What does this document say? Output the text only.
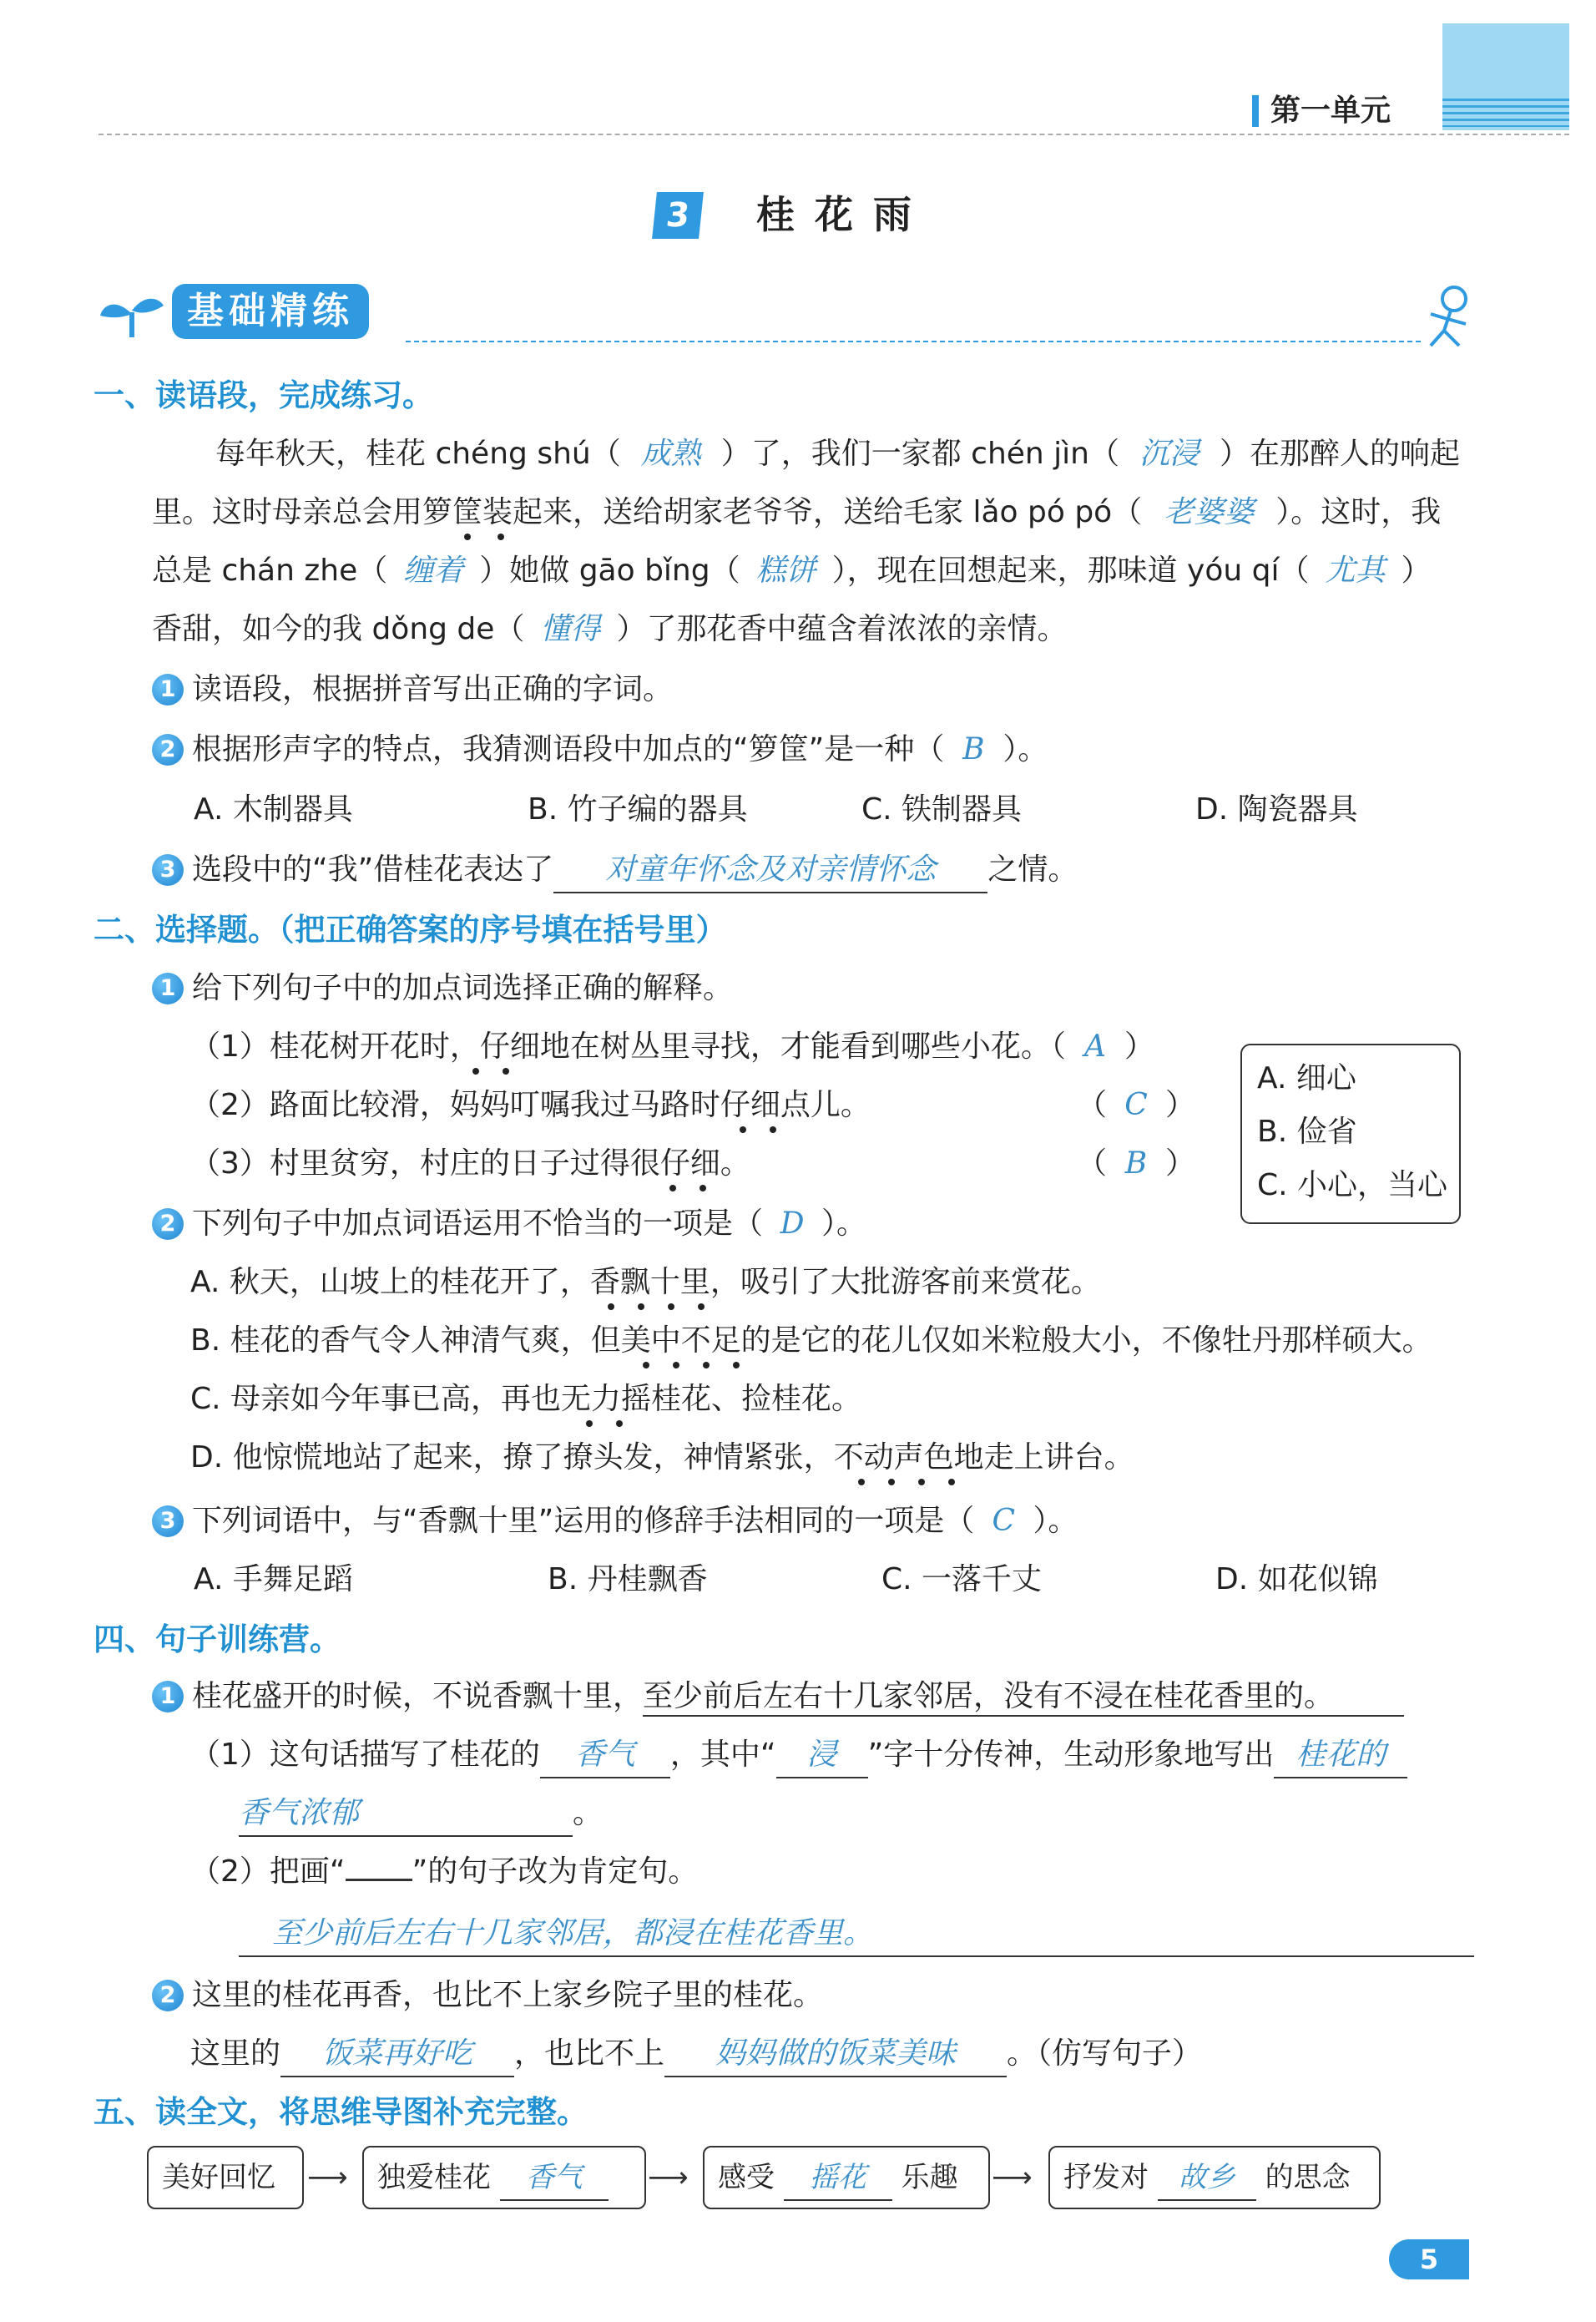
第一单元
3	桂 花 雨
基础精练
一、读语段，完成练习。
每年秋天，桂花 chéng shú（ 成熟 ）了，我们一家都 chén jìn（ 沉浸 ）在那醉人的响起
里。这时母亲总会用箩筐装起来，送给胡家老爷爷，送给毛家 lǎo pó pó（ 老婆婆 ）。这时，我
总是 chán zhe（ 缠着 ）她做 gāo bǐng（ 糕饼 ），现在回想起来，那味道 yóu qí（ 尤其 ）
香甜，如今的我 dǒng de（ 懂得 ）了那花香中蕴含着浓浓的亲情。
1 读语段，根据拼音写出正确的字词。
2 根据形声字的特点，我猜测语段中加点的“箩筐”是一种（ B ）。
A. 木制器具	B. 竹子编的器具	C. 铁制器具	D. 陶瓷器具
3 选段中的“我”借桂花表达了 对童年怀念及对亲情怀念 之情。
二、选择题。（把正确答案的序号填在括号里）
1 给下列句子中的加点词选择正确的解释。
（1）桂花树开花时，仔细地在树丛里寻找，才能看到哪些小花。（ A ）
（2）路面比较滑，妈妈叮嘱我过马路时仔细点儿。	（ C ）
（3）村里贫穷，村庄的日子过得很仔细。	（ B ）
A. 细心
B. 俭省
C. 小心，当心
2 下列句子中加点词语运用不恰当的一项是（ D ）。
A. 秋天，山坡上的桂花开了，香飘十里，吸引了大批游客前来赏花。
B. 桂花的香气令人神清气爽，但美中不足的是它的花儿仅如米粒般大小，不像牡丹那样硕大。
C. 母亲如今年事已高，再也无力摇桂花、捡桂花。
D. 他惊慌地站了起来，撩了撩头发，神情紧张，不动声色地走上讲台。
3 下列词语中，与“香飘十里”运用的修辞手法相同的一项是（ C ）。
A. 手舞足蹈	B. 丹桂飘香	C. 一落千丈	D. 如花似锦
四、句子训练营。
1 桂花盛开的时候，不说香飘十里，至少前后左右十几家邻居，没有不浸在桂花香里的。
（1）这句话描写了桂花的 香气 ，其中“ 浸 ”字十分传神，生动形象地写出 桂花的
香气浓郁	。
（2）把画“ ”的句子改为肯定句。
至少前后左右十几家邻居，都浸在桂花香里。
2 这里的桂花再香，也比不上家乡院子里的桂花。
这里的 饭菜再好吃 ，也比不上 妈妈做的饭菜美味 。（仿写句子）
五、读全文，将思维导图补充完整。
美好回忆	⟶	独爱桂花 香气	⟶	感受 摇花 乐趣	⟶	抒发对 故乡 的思念
5
